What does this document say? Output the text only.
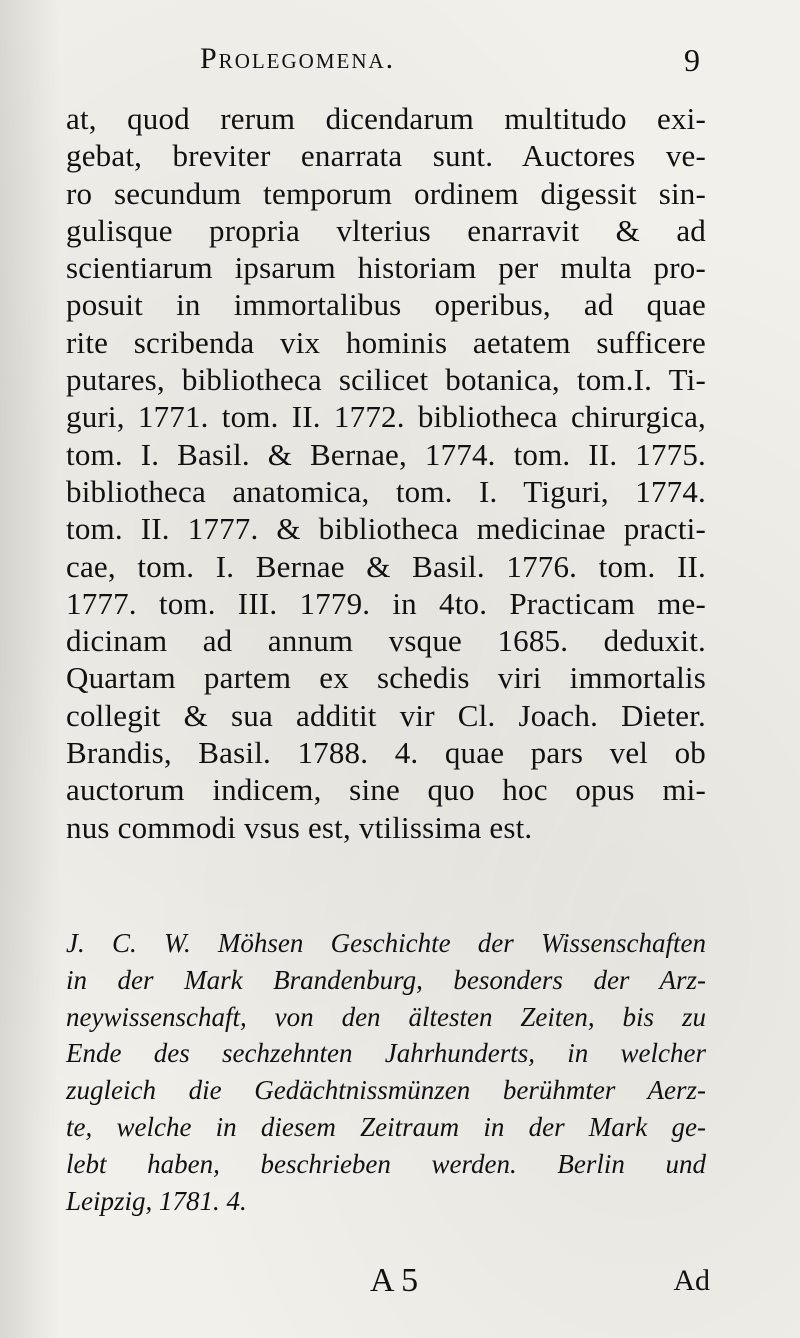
Prolegomena.	9
at, quod rerum dicendarum multitudo exi-
gebat, breviter enarrata sunt. Auctores ve-
ro secundum temporum ordinem digessit sin-
gulisque propria vlterius enarravit & ad
scientiarum ipsarum historiam per multa pro-
posuit in immortalibus operibus, ad quae
rite scribenda vix hominis aetatem sufficere
putares, bibliotheca scilicet botanica, tom.I. Ti-
guri, 1771. tom. II. 1772. bibliotheca chirurgica,
tom. I. Basil. & Bernae, 1774. tom. II. 1775.
bibliotheca anatomica, tom. I. Tiguri, 1774.
tom. II. 1777. & bibliotheca medicinae practi-
cae, tom. I. Bernae & Basil. 1776. tom. II.
1777. tom. III. 1779. in 4to. Practicam me-
dicinam ad annum vsque 1685. deduxit.
Quartam partem ex schedis viri immortalis
collegit & sua additit vir Cl. Joach. Dieter.
Brandis, Basil. 1788. 4. quae pars vel ob
auctorum indicem, sine quo hoc opus mi-
nus commodi vsus est, vtilissima est.
J. C. W. Möhsen Geschichte der Wissenschaften
in der Mark Brandenburg, besonders der Arz-
neywissenschaft, von den ältesten Zeiten, bis zu
Ende des sechzehnten Jahrhunderts, in welcher
zugleich die Gedächtnissmünzen berühmter Aerz-
te, welche in diesem Zeitraum in der Mark ge-
lebt haben, beschrieben werden. Berlin und
Leipzig, 1781. 4.
A 5	Ad
